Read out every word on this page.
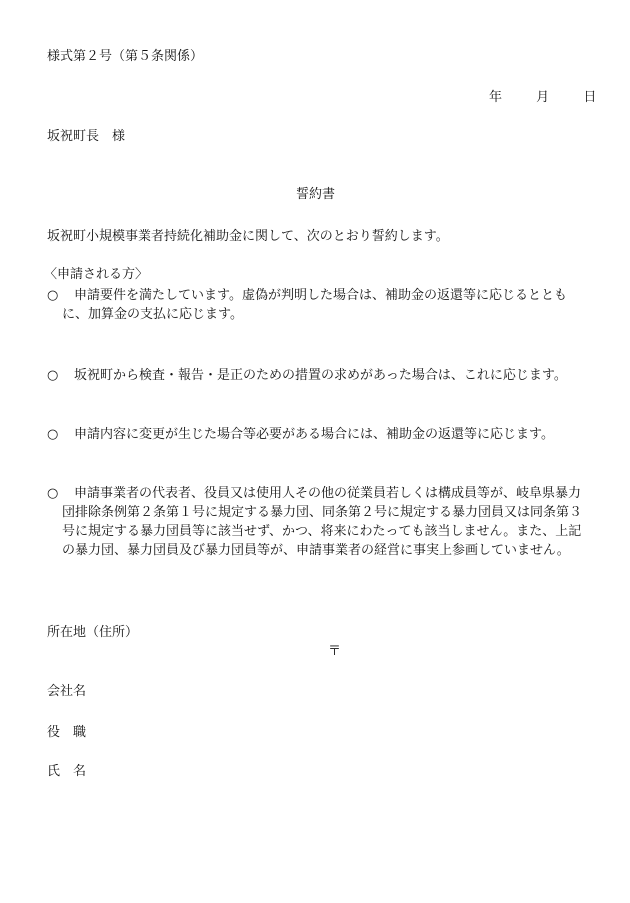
様式第２号（第５条関係）
年	月	日
坂祝町長　様
誓約書
坂祝町小規模事業者持続化補助金に関して、次のとおり誓約します。
〈申請される方〉
○	申請要件を満たしています。虚偽が判明した場合は、補助金の返還等に応じるとともに、加算金の支払に応じます。
○	坂祝町から検査・報告・是正のための措置の求めがあった場合は、これに応じます。
○	申請内容に変更が生じた場合等必要がある場合には、補助金の返還等に応じます。
○	申請事業者の代表者、役員又は使用人その他の従業員若しくは構成員等が、岐阜県暴力団排除条例第２条第１号に規定する暴力団、同条第２号に規定する暴力団員又は同条第３号に規定する暴力団員等に該当せず、かつ、将来にわたっても該当しません。また、上記の暴力団、暴力団員及び暴力団員等が、申請事業者の経営に事実上参画していません。
所在地（住所）
〒
会社名
役　職
氏　名
